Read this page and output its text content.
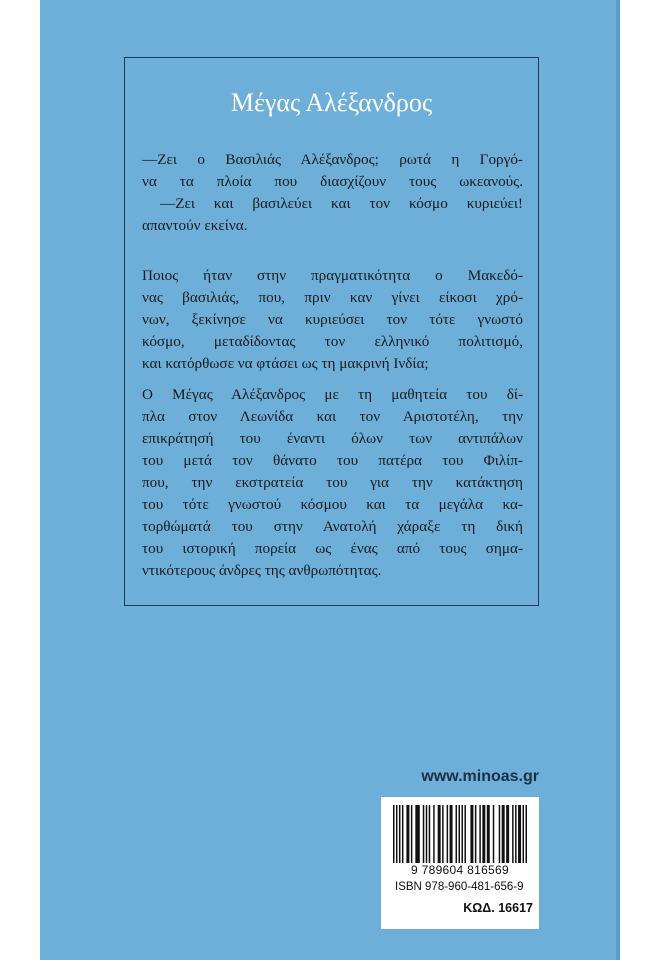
Μέγας Αλέξανδρος

—Ζει ο Βασιλιάς Αλέξανδρος; ρωτά η Γοργό-
να τα πλοία που διασχίζουν τους ωκεανούς.
—Ζει και βασιλεύει και τον κόσμο κυριεύει!
απαντούν εκείνα.

Ποιος ήταν στην πραγματικότητα ο Μακεδό-
νας βασιλιάς, που, πριν καν γίνει είκοσι χρό-
νων, ξεκίνησε να κυριεύσει τον τότε γνωστό
κόσμο, μεταδίδοντας τον ελληνικό πολιτισμό,
και κατόρθωσε να φτάσει ως τη μακρινή Ινδία;

Ο Μέγας Αλέξανδρος με τη μαθητεία του δί-
πλα στον Λεωνίδα και τον Αριστοτέλη, την
επικράτησή του έναντι όλων των αντιπάλων
του μετά τον θάνατο του πατέρα του Φιλίπ-
που, την εκστρατεία του για την κατάκτηση
του τότε γνωστού κόσμου και τα μεγάλα κα-
τορθώματά του στην Ανατολή χάραξε τη δική
του ιστορική πορεία ως ένας από τους σημα-
ντικότερους άνδρες της ανθρωπότητας.

www.minoas.gr
9 789604 816569
ISBN 978-960-481-656-9
ΚΩΔ. 16617
